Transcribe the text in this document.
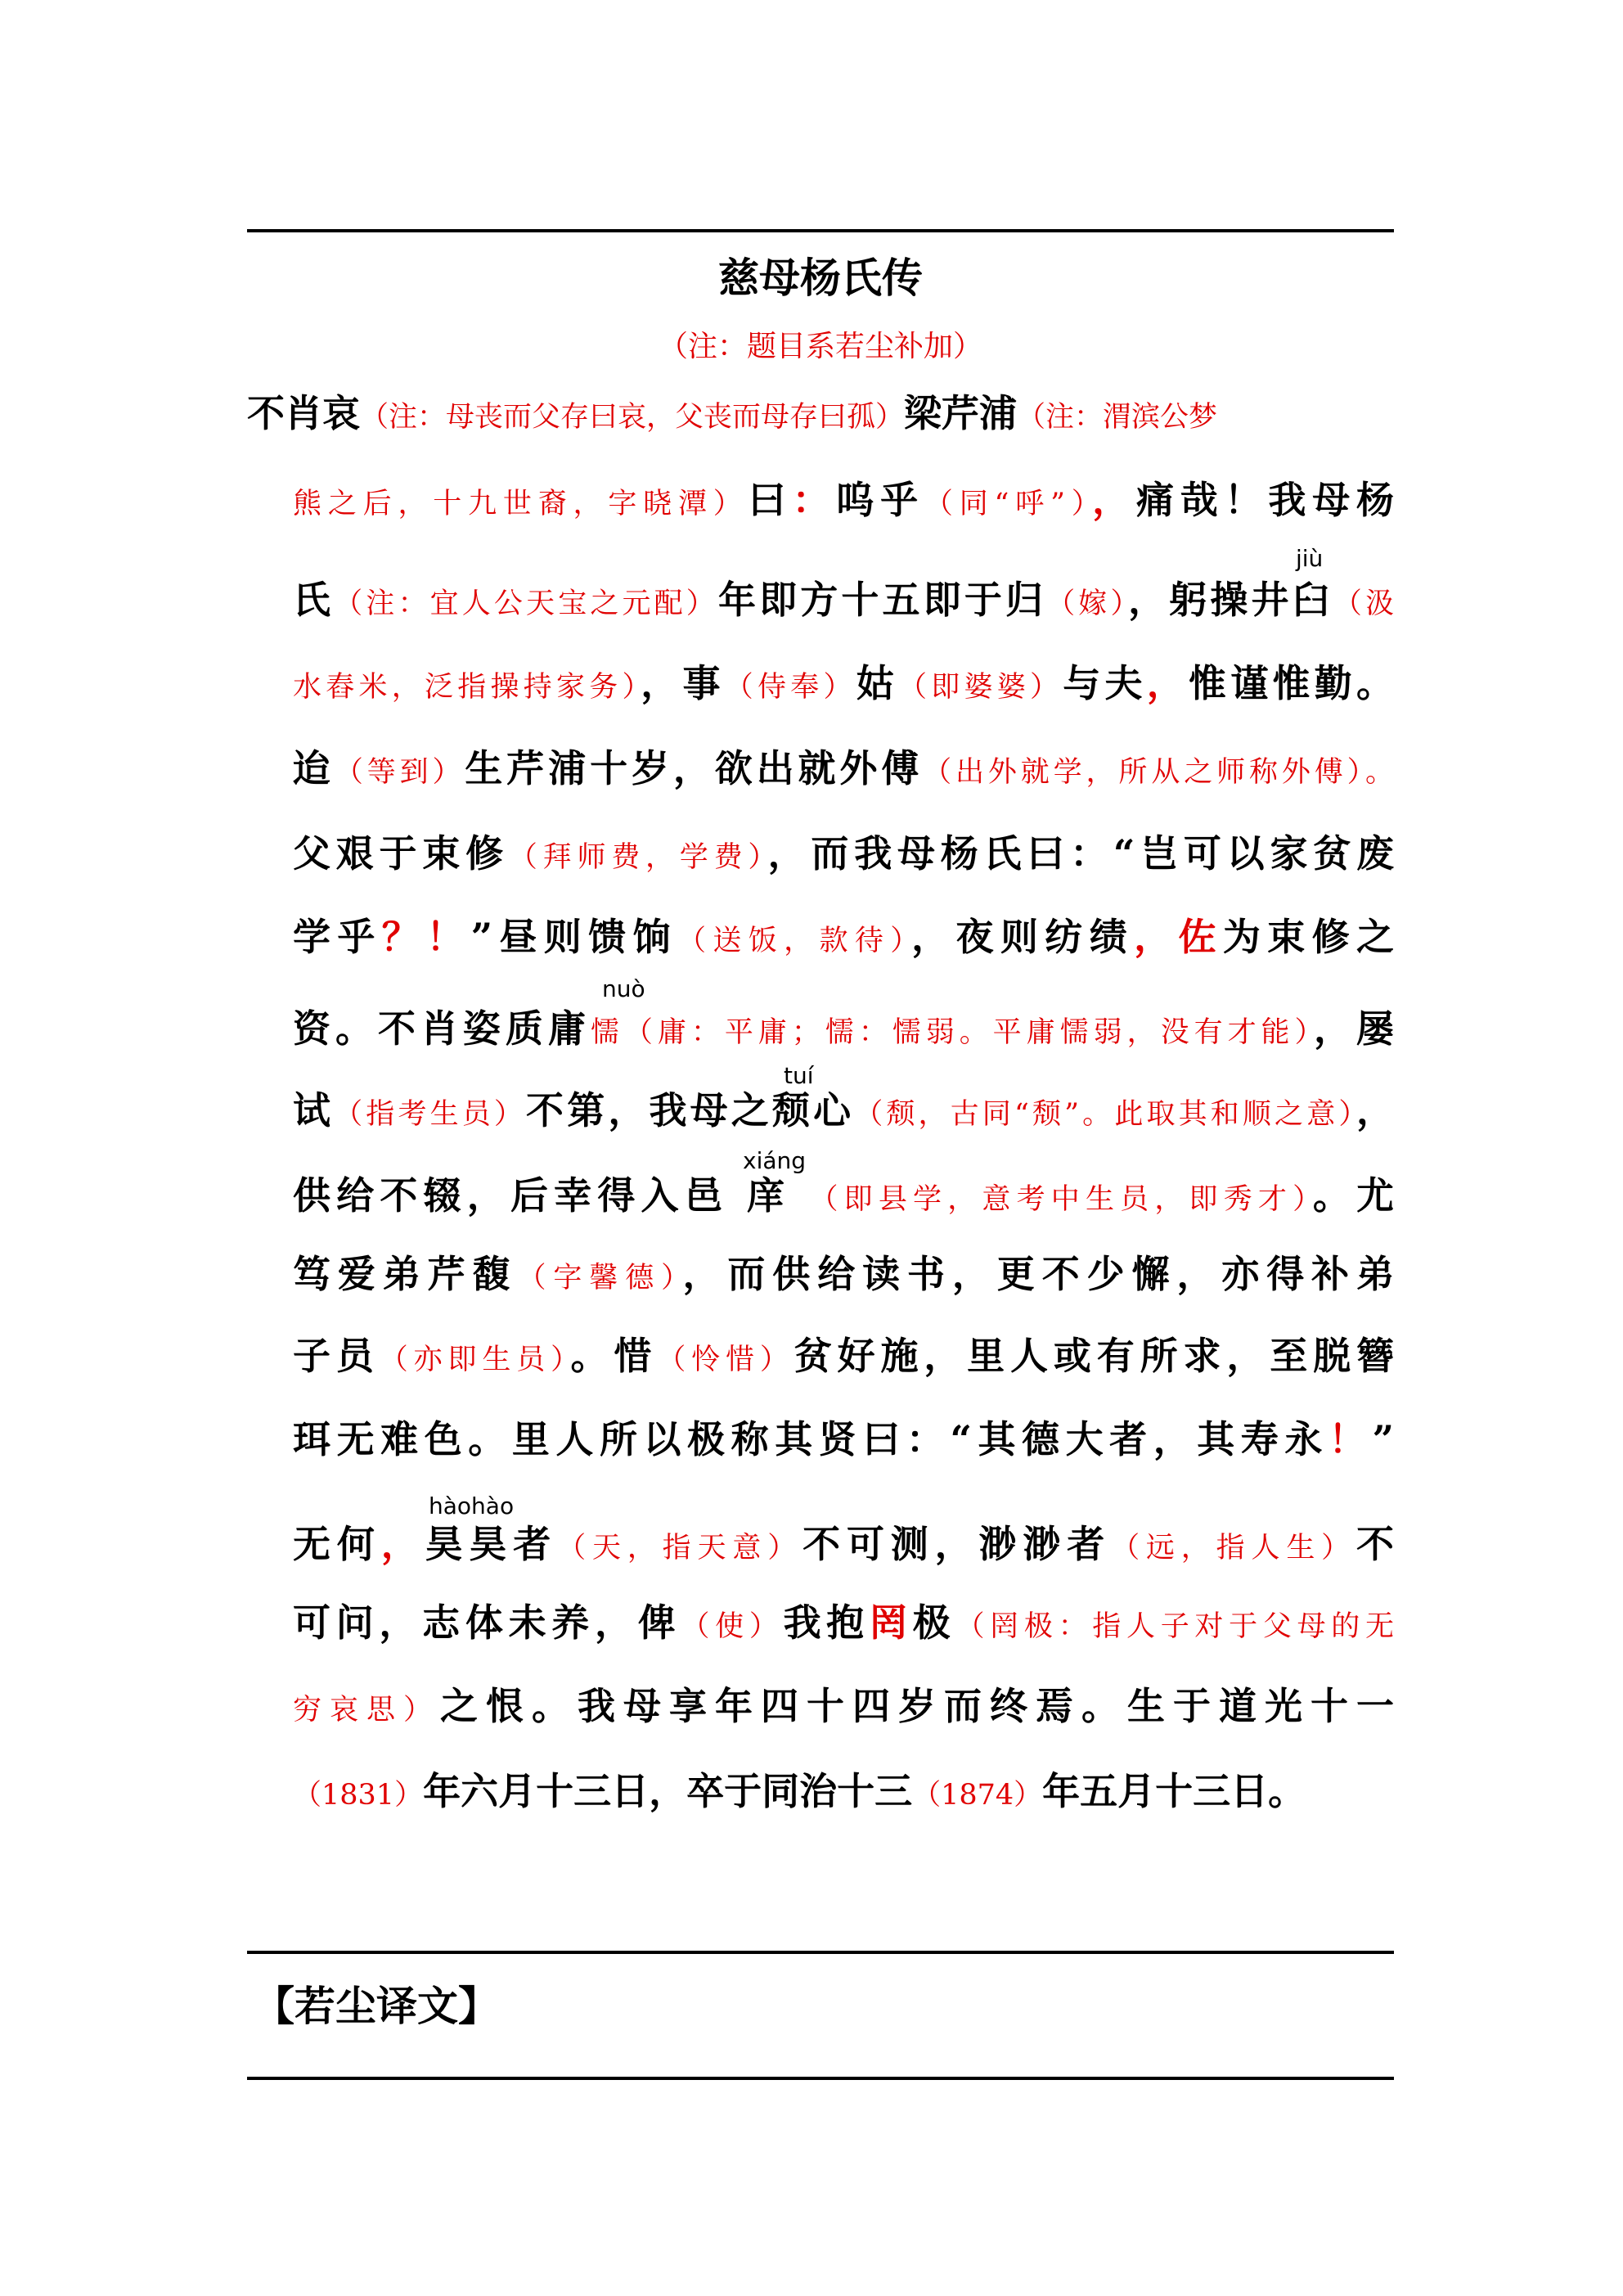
慈母杨氏传
（注：题目系若尘补加）
不肖哀（注：母丧而父存曰哀，父丧而母存曰孤）梁芹浦（注：渭滨公梦
熊之后，十九世裔，字晓潭）曰：呜乎（同“呼”），痛哉！我母杨
氏（注：宜人公天宝之元配）年即方十五即于归（嫁），躬操井臼（汲
水舂米，泛指操持家务），事（侍奉）姑（即婆婆）与夫，惟谨惟勤。
迨（等到）生芹浦十岁，欲出就外傅（出外就学，所从之师称外傅）。
父艰于束修（拜师费，学费），而我母杨氏曰：“岂可以家贫废
学乎？！”昼则馈饷（送饭，款待），夜则纺绩，佐为束修之
资。不肖姿质庸懦（庸：平庸；懦：懦弱。平庸懦弱，没有才能），屡
试（指考生员）不第，我母之颓心（颓，古同“颓”。此取其和顺之意），
供给不辍，后幸得入邑 庠 （即县学，意考中生员，即秀才）。尤
笃爱弟芹馥（字馨德），而供给读书，更不少懈，亦得补弟
子员（亦即生员）。惜（怜惜）贫好施，里人或有所求，至脱簪
珥无难色。里人所以极称其贤曰：“其德大者，其寿永！”
无何，昊昊者（天，指天意）不可测，渺渺者（远，指人生）不
可问，志体未养，俾（使）我抱罔极（罔极：指人子对于父母的无
穷哀思）之恨。我母享年四十四岁而终焉。生于道光十一
（1831）年六月十三日，卒于同治十三（1874）年五月十三日。
jiù
nuò
tuí
xiáng
hàohào
【若尘译文】
